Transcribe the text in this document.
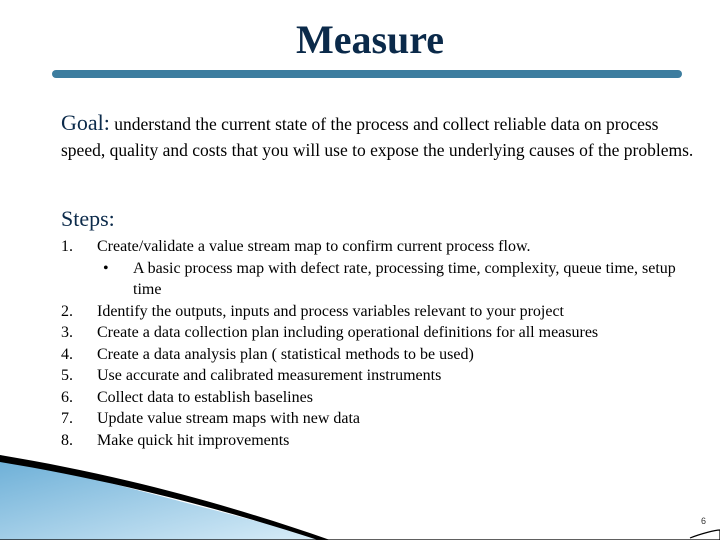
Measure
Goal: understand the current state of the process and collect reliable data on process speed, quality and costs that you will use to expose the underlying causes of the problems.
Steps:
1. Create/validate a value stream map to confirm current process flow.
• A basic process map with defect rate, processing time, complexity, queue time, setup time
2. Identify the outputs, inputs and process variables relevant to your project
3. Create a data collection plan including operational definitions for all measures
4. Create a data analysis plan ( statistical methods to be used)
5. Use accurate and calibrated measurement instruments
6. Collect data to establish baselines
7. Update value stream maps with new data
8. Make quick hit improvements
6
